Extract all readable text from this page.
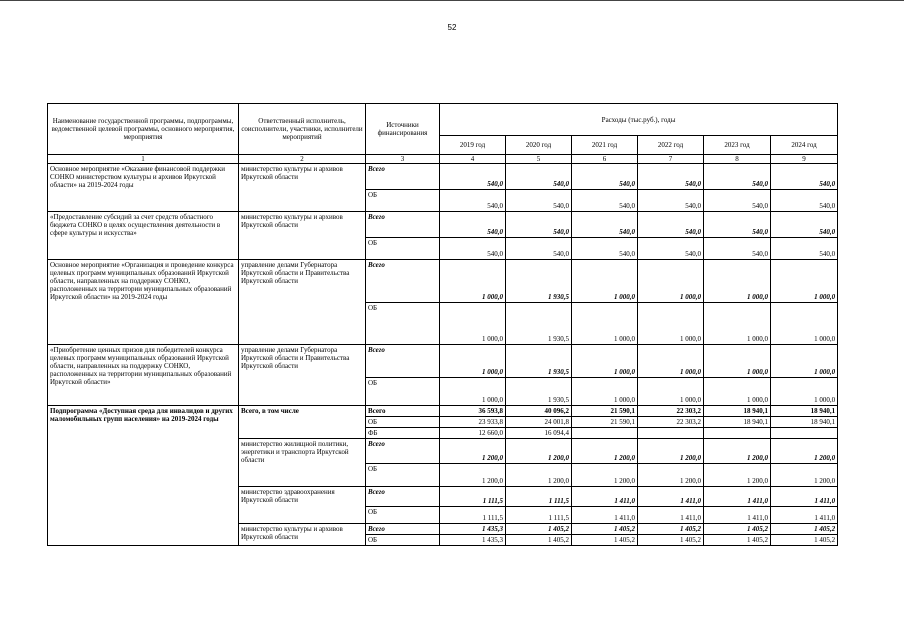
52
Наименование государственной программы, подпрограммы, ведомственной целевой программы, основного мероприятия, мероприятия	Ответственный исполнитель, соисполнители, участники, исполнители мероприятий	Источники финансирования	Расходы (тыс.руб.), годы					
			2019 год	2020 год	2021 год	2022 год	2023 год	2024 год
1	2	3	4	5	6	7	8	9
Основное мероприятие «Оказание финансовой поддержки СОНКО министерством культуры и архивов Иркутской области» на 2019-2024 годы	министерство культуры и архивов Иркутской области	Всего	540,0	540,0	540,0	540,0	540,0	540,0
		ОБ	540,0	540,0	540,0	540,0	540,0	540,0
«Предоставление субсидий за счет средств областного бюджета СОНКО в целях осуществления деятельности в сфере культуры и искусства»	министерство культуры и архивов Иркутской области	Всего	540,0	540,0	540,0	540,0	540,0	540,0
		ОБ	540,0	540,0	540,0	540,0	540,0	540,0
Основное мероприятие «Организация и проведение конкурса целевых программ муниципальных образований Иркутской области, направленных на поддержку СОНКО, расположенных на территории муниципальных образований Иркутской области» на 2019-2024 годы	управление делами Губернатора Иркутской области и Правительства Иркутской области	Всего	1 000,0	1 930,5	1 000,0	1 000,0	1 000,0	1 000,0
		ОБ	1 000,0	1 930,5	1 000,0	1 000,0	1 000,0	1 000,0
«Приобретение ценных призов для победителей конкурса целевых программ муниципальных образований Иркутской области, направленных на поддержку СОНКО, расположенных на территории муниципальных образований Иркутской области»	управление делами Губернатора Иркутской области и Правительства Иркутской области	Всего	1 000,0	1 930,5	1 000,0	1 000,0	1 000,0	1 000,0
		ОБ	1 000,0	1 930,5	1 000,0	1 000,0	1 000,0	1 000,0
Подпрограмма «Доступная среда для инвалидов и других маломобильных групп населения» на 2019-2024 годы	Всего, в том числе	Всего	36 593,8	40 096,2	21 590,1	22 303,2	18 940,1	18 940,1
		ОБ	23 933,8	24 001,8	21 590,1	22 303,2	18 940,1	18 940,1
		ФБ	12 660,0	16 094,4				
	министерство жилищной политики, энергетики и транспорта Иркутской области	Всего	1 200,0	1 200,0	1 200,0	1 200,0	1 200,0	1 200,0
		ОБ	1 200,0	1 200,0	1 200,0	1 200,0	1 200,0	1 200,0
	министерство здравоохранения Иркутской области	Всего	1 111,5	1 111,5	1 411,0	1 411,0	1 411,0	1 411,0
		ОБ	1 111,5	1 111,5	1 411,0	1 411,0	1 411,0	1 411,0
	министерство культуры и архивов Иркутской области	Всего	1 435,3	1 405,2	1 405,2	1 405,2	1 405,2	1 405,2
		ОБ	1 435,3	1 405,2	1 405,2	1 405,2	1 405,2	1 405,2
